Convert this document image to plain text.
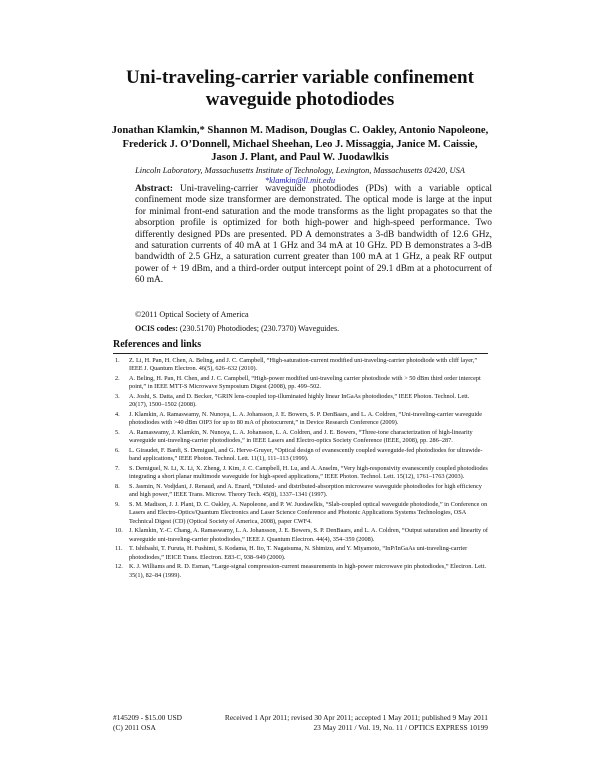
Uni-traveling-carrier variable confinement
waveguide photodiodes
Jonathan Klamkin,* Shannon M. Madison, Douglas C. Oakley, Antonio Napoleone,
Frederick J. O’Donnell, Michael Sheehan, Leo J. Missaggia, Janice M. Caissie,
Jason J. Plant, and Paul W. Juodawlkis
Lincoln Laboratory, Massachusetts Institute of Technology, Lexington, Massachusetts 02420, USA
*klamkin@ll.mit.edu
Abstract: Uni-traveling-carrier waveguide photodiodes (PDs) with a variable optical confinement mode size transformer are demonstrated. The optical mode is large at the input for minimal front-end saturation and the mode transforms as the light propagates so that the absorption profile is optimized for both high-power and high-speed performance. Two differently designed PDs are presented. PD A demonstrates a 3-dB bandwidth of 12.6 GHz, and saturation currents of 40 mA at 1 GHz and 34 mA at 10 GHz. PD B demonstrates a 3-dB bandwidth of 2.5 GHz, a saturation current greater than 100 mA at 1 GHz, a peak RF output power of + 19 dBm, and a third-order output intercept point of 29.1 dBm at a photocurrent of 60 mA.
©2011 Optical Society of America
OCIS codes: (230.5170) Photodiodes; (230.7370) Waveguides.
References and links
1. Z. Li, H. Pan, H. Chen, A. Beling, and J. C. Campbell, “High-saturation-current modified uni-traveling-carrier photodiode with cliff layer,” IEEE J. Quantum Electron. 46(5), 626–632 (2010).
2. A. Beling, H. Pan, H. Chen, and J. C. Campbell, “High-power modified uni-traveling carrier photodiode with > 50 dBm third order intercept point,” in IEEE MTT-S Microwave Symposium Digest (2008), pp. 499–502.
3. A. Joshi, S. Datta, and D. Becker, “GRIN lens-coupled top-illuminated highly linear InGaAs photodiodes,” IEEE Photon. Technol. Lett. 20(17), 1500–1502 (2008).
4. J. Klamkin, A. Ramaswamy, N. Nunoya, L. A. Johansson, J. E. Bowers, S. P. DenBaars, and L. A. Coldren, “Uni-traveling-carrier waveguide photodiodes with >40 dBm OIP3 for up to 80 mA of photocurrent,” in Device Research Conference (2009).
5. A. Ramaswamy, J. Klamkin, N. Nunoya, L. A. Johansson, L. A. Coldren, and J. E. Bowers, “Three-tone characterization of high-linearity waveguide uni-traveling-carrier photodiodes,” in IEEE Lasers and Electro-optics Society Conference (IEEE, 2008), pp. 286–287.
6. L. Giraudet, F. Banfi, S. Demiguel, and G. Herve-Gruyer, “Optical design of evanescently coupled waveguide-fed photodiodes for ultrawide-band applications,” IEEE Photon. Technol. Lett. 11(1), 111–113 (1999).
7. S. Demiguel, N. Li, X. Li, X. Zheng, J. Kim, J. C. Campbell, H. Lu, and A. Anselm, “Very high-responsivity evanescently coupled photodiodes integrating a short planar multimode waveguide for high-speed applications,” IEEE Photon. Technol. Lett. 15(12), 1761–1763 (2003).
8. S. Jasmin, N. Vodjdani, J. Renaud, and A. Enard, “Diluted- and distributed-absorption microwave waveguide photodiodes for high efficiency and high power,” IEEE Trans. Microw. Theory Tech. 45(8), 1337–1341 (1997).
9. S. M. Madison, J. J. Plant, D. C. Oakley, A. Napoleone, and P. W. Juodawlkis, “Slab-coupled optical waveguide photodiode,” in Conference on Lasers and Electro-Optics/Quantum Electronics and Laser Science Conference and Photonic Applications Systems Technologies, OSA Technical Digest (CD) (Optical Society of America, 2008), paper CWF4.
10. J. Klamkin, Y.-C. Chang, A. Ramaswamy, L. A. Johansson, J. E. Bowers, S. P. DenBaars, and L. A. Coldren, “Output saturation and linearity of waveguide uni-traveling-carrier photodiodes,” IEEE J. Quantum Electron. 44(4), 354–359 (2008).
11. T. Ishibashi, T. Furuta, H. Fushimi, S. Kodama, H. Ito, T. Nagatsuma, N. Shimizu, and Y. Miyamoto, “InP/InGaAs uni-traveling-carrier photodiodes,” IEICE Trans. Electron. E83-C, 938–949 (2000).
12. K. J. Williams and R. D. Esman, “Large-signal compression-current measurements in high-power microwave pin photodiodes,” Electron. Lett. 35(1), 82–84 (1999).
#145209 - $15.00 USD
(C) 2011 OSA
Received 1 Apr 2011; revised 30 Apr 2011; accepted 1 May 2011; published 9 May 2011
23 May 2011 / Vol. 19, No. 11 / OPTICS EXPRESS 10199
